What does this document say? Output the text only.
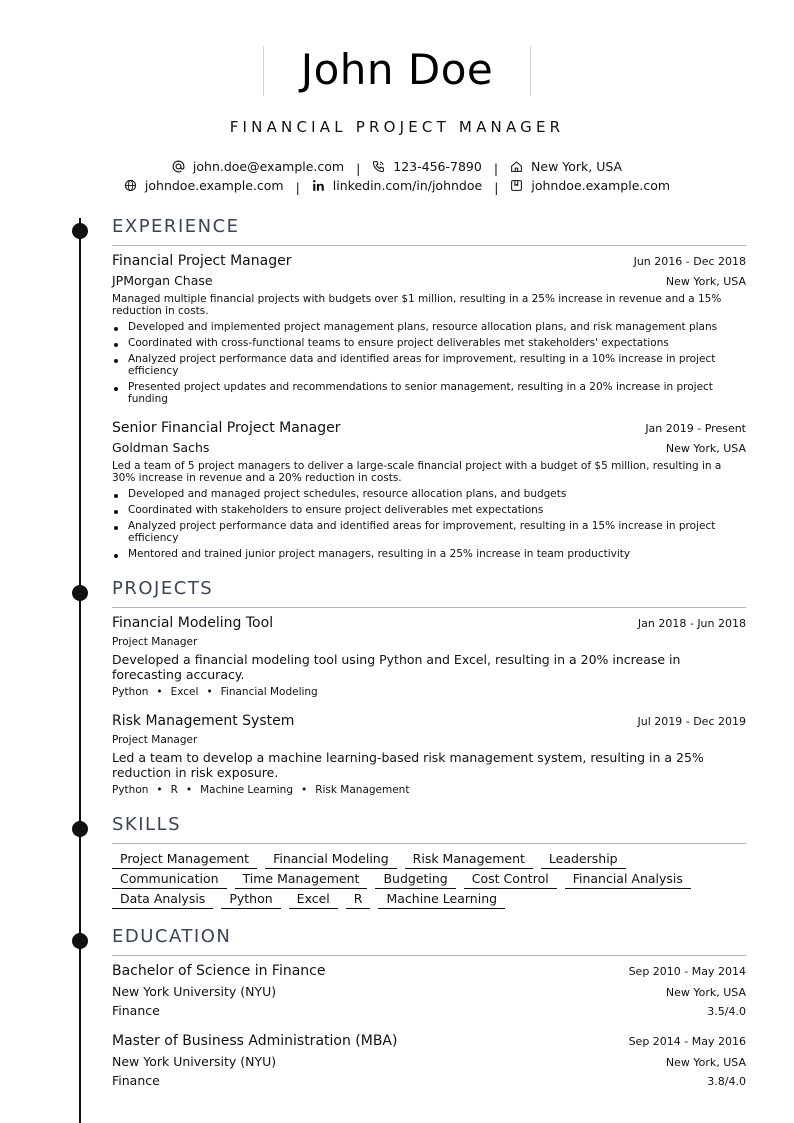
John Doe
FINANCIAL PROJECT MANAGER
john.doe@example.com |	123-456-7890 |	New York, USA
johndoe.example.com |	linkedin.com/in/johndoe |	johndoe.example.com
EXPERIENCE
Financial Project Manager	Jun 2016 - Dec 2018
JPMorgan Chase	New York, USA
Managed multiple financial projects with budgets over $1 million, resulting in a 25% increase in revenue and a 15% reduction in costs.
Developed and implemented project management plans, resource allocation plans, and risk management plans
Coordinated with cross-functional teams to ensure project deliverables met stakeholders' expectations
Analyzed project performance data and identified areas for improvement, resulting in a 10% increase in project efficiency
Presented project updates and recommendations to senior management, resulting in a 20% increase in project funding
Senior Financial Project Manager	Jan 2019 - Present
Goldman Sachs	New York, USA
Led a team of 5 project managers to deliver a large-scale financial project with a budget of $5 million, resulting in a 30% increase in revenue and a 20% reduction in costs.
Developed and managed project schedules, resource allocation plans, and budgets
Coordinated with stakeholders to ensure project deliverables met expectations
Analyzed project performance data and identified areas for improvement, resulting in a 15% increase in project efficiency
Mentored and trained junior project managers, resulting in a 25% increase in team productivity
PROJECTS
Financial Modeling Tool	Jan 2018 - Jun 2018
Project Manager
Developed a financial modeling tool using Python and Excel, resulting in a 20% increase in forecasting accuracy.
Python • Excel • Financial Modeling
Risk Management System	Jul 2019 - Dec 2019
Project Manager
Led a team to develop a machine learning-based risk management system, resulting in a 25% reduction in risk exposure.
Python • R • Machine Learning • Risk Management
SKILLS
Project Management	Financial Modeling	Risk Management	Leadership
Communication	Time Management	Budgeting	Cost Control	Financial Analysis
Data Analysis	Python	Excel	R	Machine Learning
EDUCATION
Bachelor of Science in Finance	Sep 2010 - May 2014
New York University (NYU)	New York, USA
Finance	3.5/4.0
Master of Business Administration (MBA)	Sep 2014 - May 2016
New York University (NYU)	New York, USA
Finance	3.8/4.0
